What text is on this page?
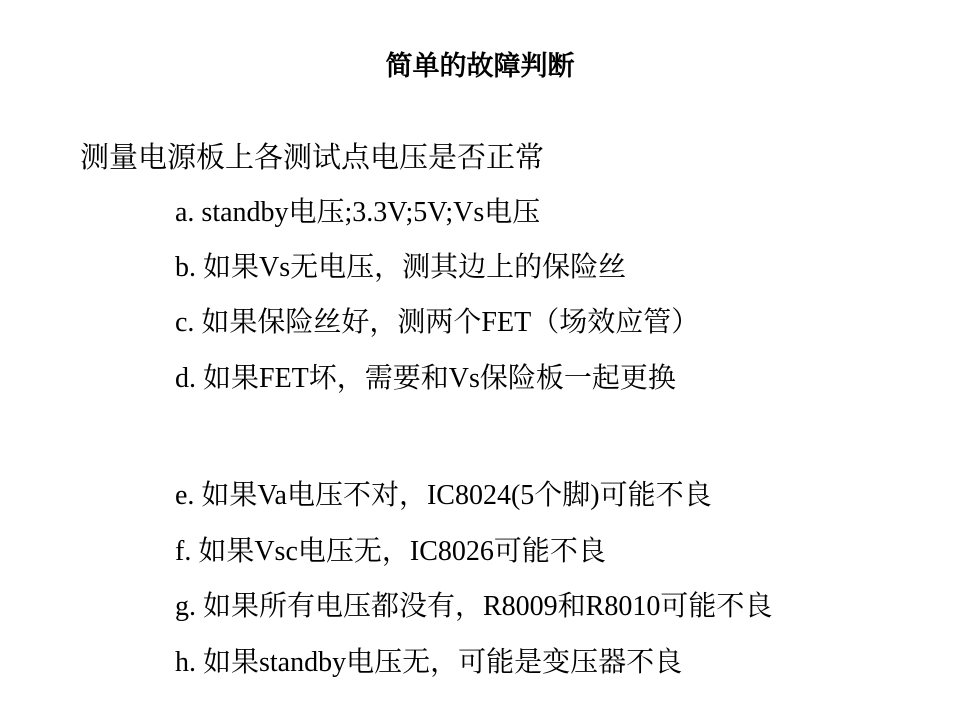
简单的故障判断
测量电源板上各测试点电压是否正常
a. standby电压;3.3V;5V;Vs电压
b. 如果Vs无电压，测其边上的保险丝
c. 如果保险丝好，测两个FET（场效应管）
d. 如果FET坏，需要和Vs保险板一起更换
e. 如果Va电压不对，IC8024(5个脚)可能不良
f. 如果Vsc电压无，IC8026可能不良
g. 如果所有电压都没有，R8009和R8010可能不良
h. 如果standby电压无，可能是变压器不良
